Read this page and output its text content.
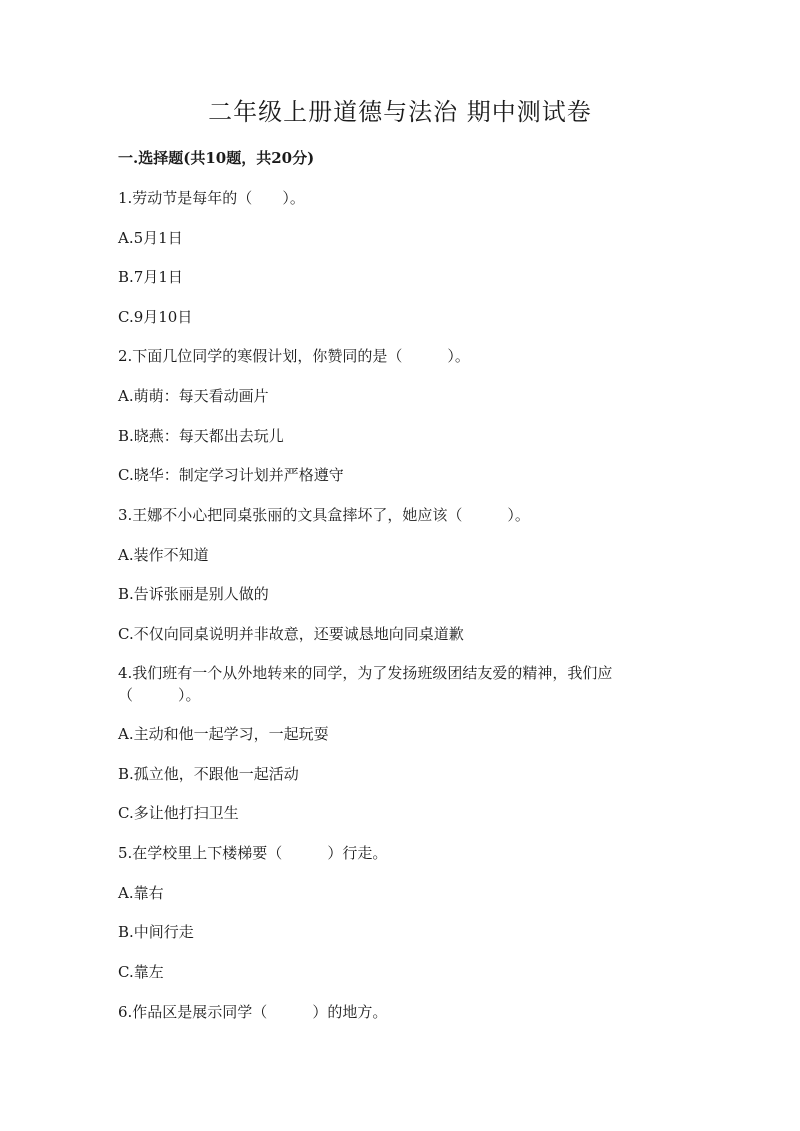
二年级上册道德与法治 期中测试卷
一.选择题(共10题，共20分)
1.劳动节是每年的（　　）。
A.5月1日
B.7月1日
C.9月10日
2.下面几位同学的寒假计划，你赞同的是（　　　）。
A.萌萌：每天看动画片
B.晓燕：每天都出去玩儿
C.晓华：制定学习计划并严格遵守
3.王娜不小心把同桌张丽的文具盒摔坏了，她应该（　　　）。
A.装作不知道
B.告诉张丽是别人做的
C.不仅向同桌说明并非故意，还要诚恳地向同桌道歉
4.我们班有一个从外地转来的同学，为了发扬班级团结友爱的精神，我们应（　　　）。
A.主动和他一起学习，一起玩耍
B.孤立他，不跟他一起活动
C.多让他打扫卫生
5.在学校里上下楼梯要（　　　）行走。
A.靠右
B.中间行走
C.靠左
6.作品区是展示同学（　　　）的地方。
